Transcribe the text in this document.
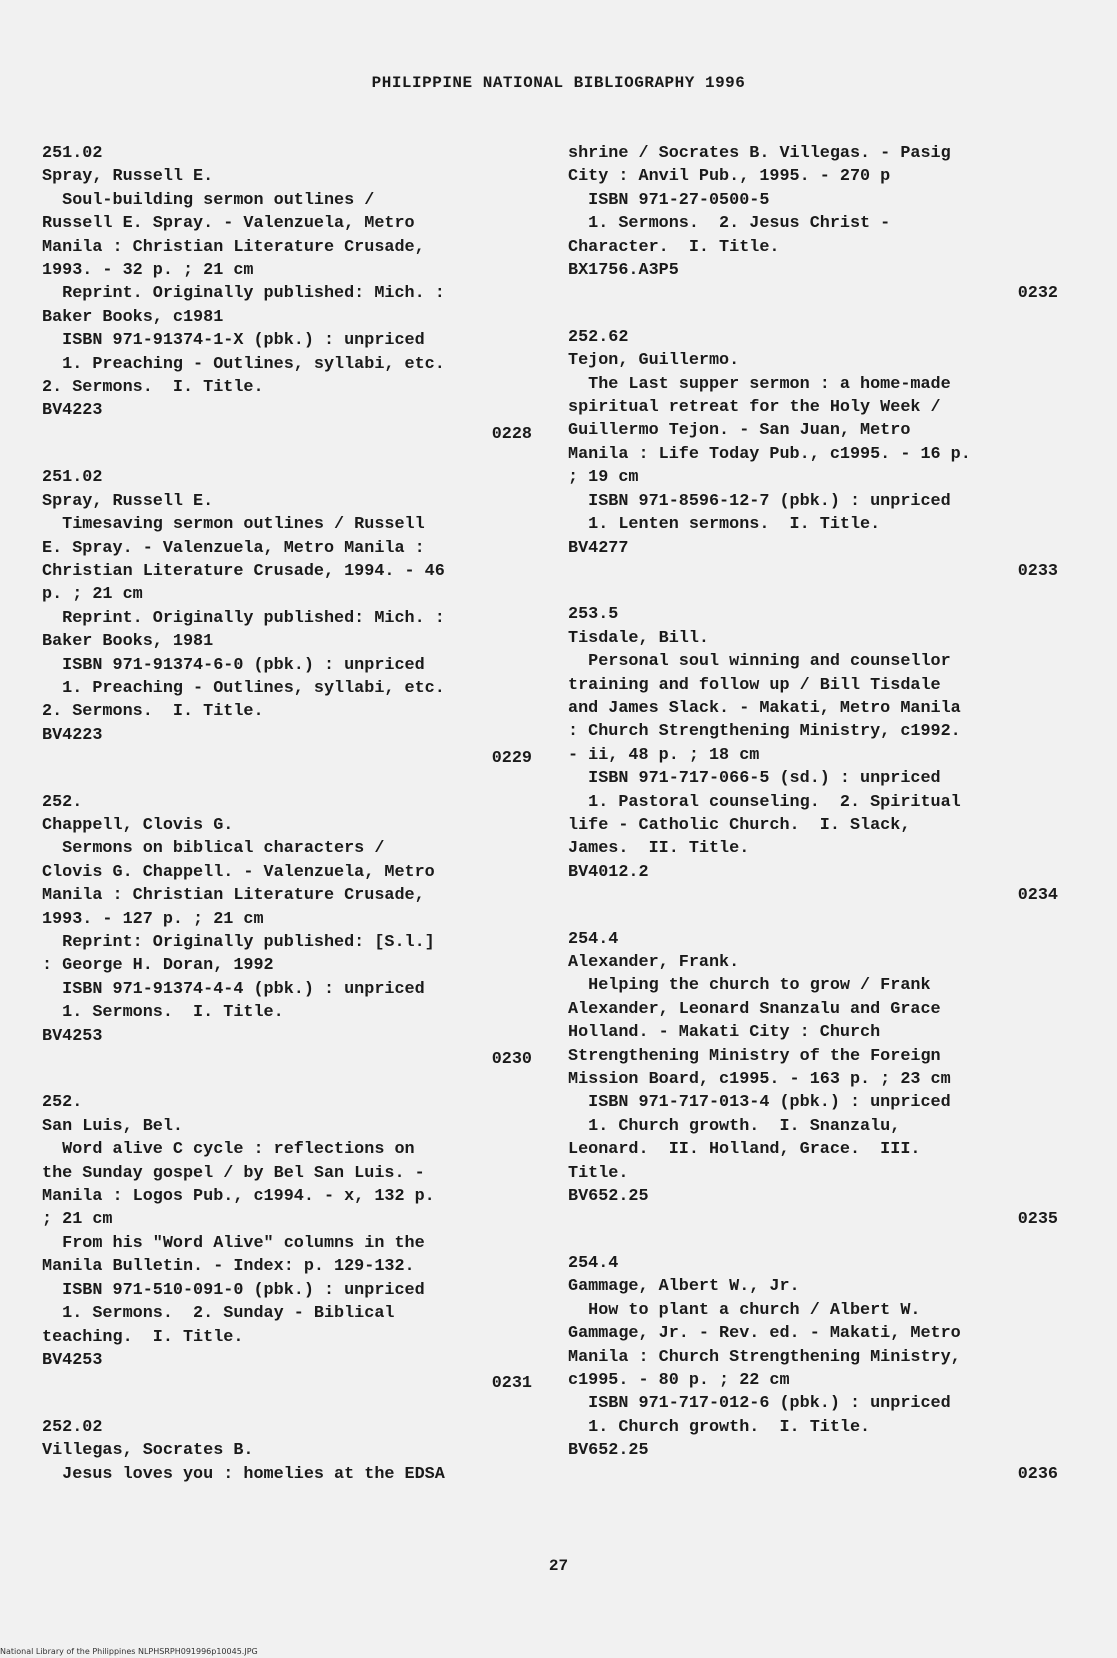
PHILIPPINE NATIONAL BIBLIOGRAPHY 1996
251.02
Spray, Russell E.
Soul-building sermon outlines /
Russell E. Spray. - Valenzuela, Metro
Manila : Christian Literature Crusade,
1993. - 32 p. ; 21 cm
Reprint. Originally published: Mich. :
Baker Books, c1981
ISBN 971-91374-1-X (pbk.) : unpriced
1. Preaching - Outlines, syllabi, etc.
2. Sermons.  I. Title.
BV4223
0228
251.02
Spray, Russell E.
Timesaving sermon outlines / Russell
E. Spray. - Valenzuela, Metro Manila :
Christian Literature Crusade, 1994. - 46
p. ; 21 cm
Reprint. Originally published: Mich. :
Baker Books, 1981
ISBN 971-91374-6-0 (pbk.) : unpriced
1. Preaching - Outlines, syllabi, etc.
2. Sermons.  I. Title.
BV4223
0229
252.
Chappell, Clovis G.
Sermons on biblical characters /
Clovis G. Chappell. - Valenzuela, Metro
Manila : Christian Literature Crusade,
1993. - 127 p. ; 21 cm
Reprint: Originally published: [S.l.]
: George H. Doran, 1992
ISBN 971-91374-4-4 (pbk.) : unpriced
1. Sermons.  I. Title.
BV4253
0230
252.
San Luis, Bel.
Word alive C cycle : reflections on
the Sunday gospel / by Bel San Luis. -
Manila : Logos Pub., c1994. - x, 132 p.
; 21 cm
From his "Word Alive" columns in the
Manila Bulletin. - Index: p. 129-132.
ISBN 971-510-091-0 (pbk.) : unpriced
1. Sermons.  2. Sunday - Biblical
teaching.  I. Title.
BV4253
0231
252.02
Villegas, Socrates B.
Jesus loves you : homelies at the EDSA
shrine / Socrates B. Villegas. - Pasig
City : Anvil Pub., 1995. - 270 p
ISBN 971-27-0500-5
1. Sermons.  2. Jesus Christ -
Character.  I. Title.
BX1756.A3P5
0232
252.62
Tejon, Guillermo.
The Last supper sermon : a home-made
spiritual retreat for the Holy Week /
Guillermo Tejon. - San Juan, Metro
Manila : Life Today Pub., c1995. - 16 p.
; 19 cm
ISBN 971-8596-12-7 (pbk.) : unpriced
1. Lenten sermons.  I. Title.
BV4277
0233
253.5
Tisdale, Bill.
Personal soul winning and counsellor
training and follow up / Bill Tisdale
and James Slack. - Makati, Metro Manila
: Church Strengthening Ministry, c1992.
- ii, 48 p. ; 18 cm
ISBN 971-717-066-5 (sd.) : unpriced
1. Pastoral counseling.  2. Spiritual
life - Catholic Church.  I. Slack,
James.  II. Title.
BV4012.2
0234
254.4
Alexander, Frank.
Helping the church to grow / Frank
Alexander, Leonard Snanzalu and Grace
Holland. - Makati City : Church
Strengthening Ministry of the Foreign
Mission Board, c1995. - 163 p. ; 23 cm
ISBN 971-717-013-4 (pbk.) : unpriced
1. Church growth.  I. Snanzalu,
Leonard.  II. Holland, Grace.  III.
Title.
BV652.25
0235
254.4
Gammage, Albert W., Jr.
How to plant a church / Albert W.
Gammage, Jr. - Rev. ed. - Makati, Metro
Manila : Church Strengthening Ministry,
c1995. - 80 p. ; 22 cm
ISBN 971-717-012-6 (pbk.) : unpriced
1. Church growth.  I. Title.
BV652.25
0236
27
National Library of the Philippines NLPHSRPH091996p10045.JPG
